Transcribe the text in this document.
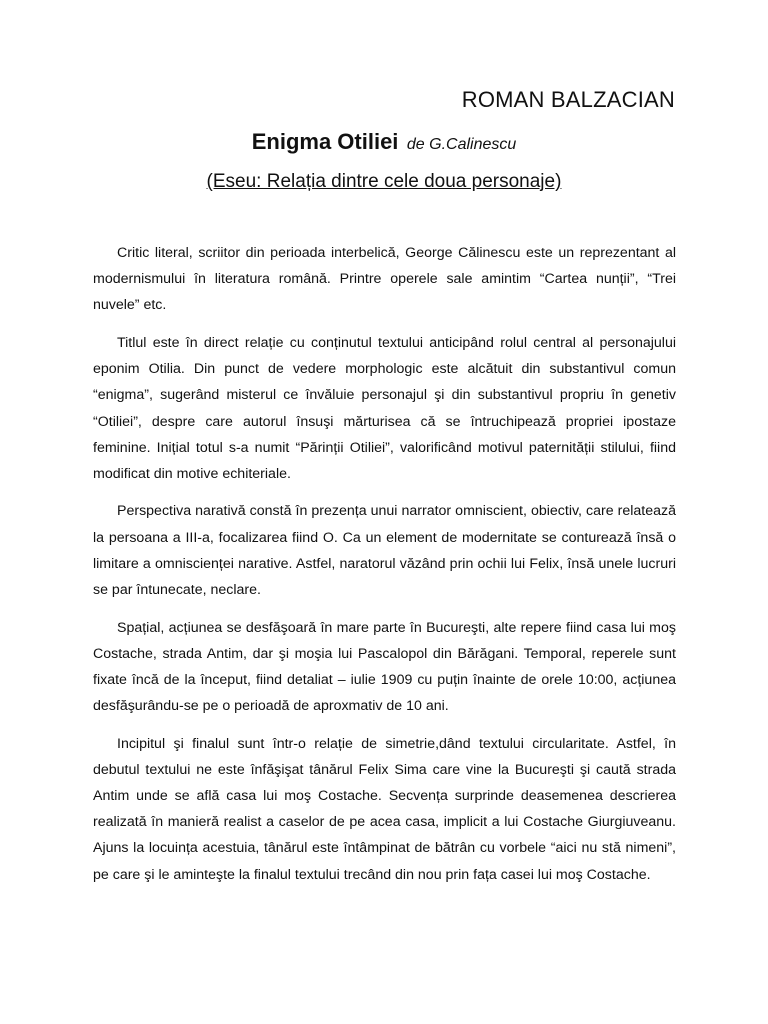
ROMAN BALZACIAN
Enigma Otiliei de G.Calinescu
(Eseu: Relația dintre cele doua personaje)

Critic literal, scriitor din perioada interbelică, George Călinescu este un reprezentant al modernismului în literatura română. Printre operele sale amintim “Cartea nunții”, “Trei nuvele” etc.

Titlul este în direct relație cu conținutul textului anticipând rolul central al personajului eponim Otilia. Din punct de vedere morphologic este alcătuit din substantivul comun “enigma”, sugerând misterul ce învăluie personajul şi din substantivul propriu în genetiv “Otiliei”, despre care autorul însuşi mărturisea că se întruchipează propriei ipostaze feminine. Inițial totul s-a numit “Părinții Otiliei”, valorificând motivul paternității stilului, fiind modificat din motive echiteriale.

Perspectiva narativă constă în prezența unui narrator omniscient, obiectiv, care relatează la persoana a III-a, focalizarea fiind O. Ca un element de modernitate se conturează însă o limitare a omniscienței narative. Astfel, naratorul văzând prin ochii lui Felix, însă unele lucruri se par întunecate, neclare.

Spațial, acțiunea se desfăşoară în mare parte în Bucureşti, alte repere fiind casa lui moş Costache, strada Antim, dar şi moşia lui Pascalopol din Bărăgani. Temporal, reperele sunt fixate încă de la început, fiind detaliat – iulie 1909 cu puțin înainte de orele 10:00, acțiunea desfăşurându-se pe o perioadă de aproxmativ de 10 ani.

Incipitul şi finalul sunt într-o relație de simetrie,dând textului circularitate. Astfel, în debutul textului ne este înfăşişat tânărul Felix Sima care vine la Bucureşti şi caută strada Antim unde se află casa lui moş Costache. Secvența surprinde deasemenea descrierea realizată în manieră realist a caselor de pe acea casa, implicit a lui Costache Giurgiuveanu. Ajuns la locuința acestuia, tânărul este întâmpinat de bătrân cu vorbele “aici nu stă nimeni”, pe care şi le aminteşte la finalul textului trecând din nou prin fața casei lui moş Costache.
